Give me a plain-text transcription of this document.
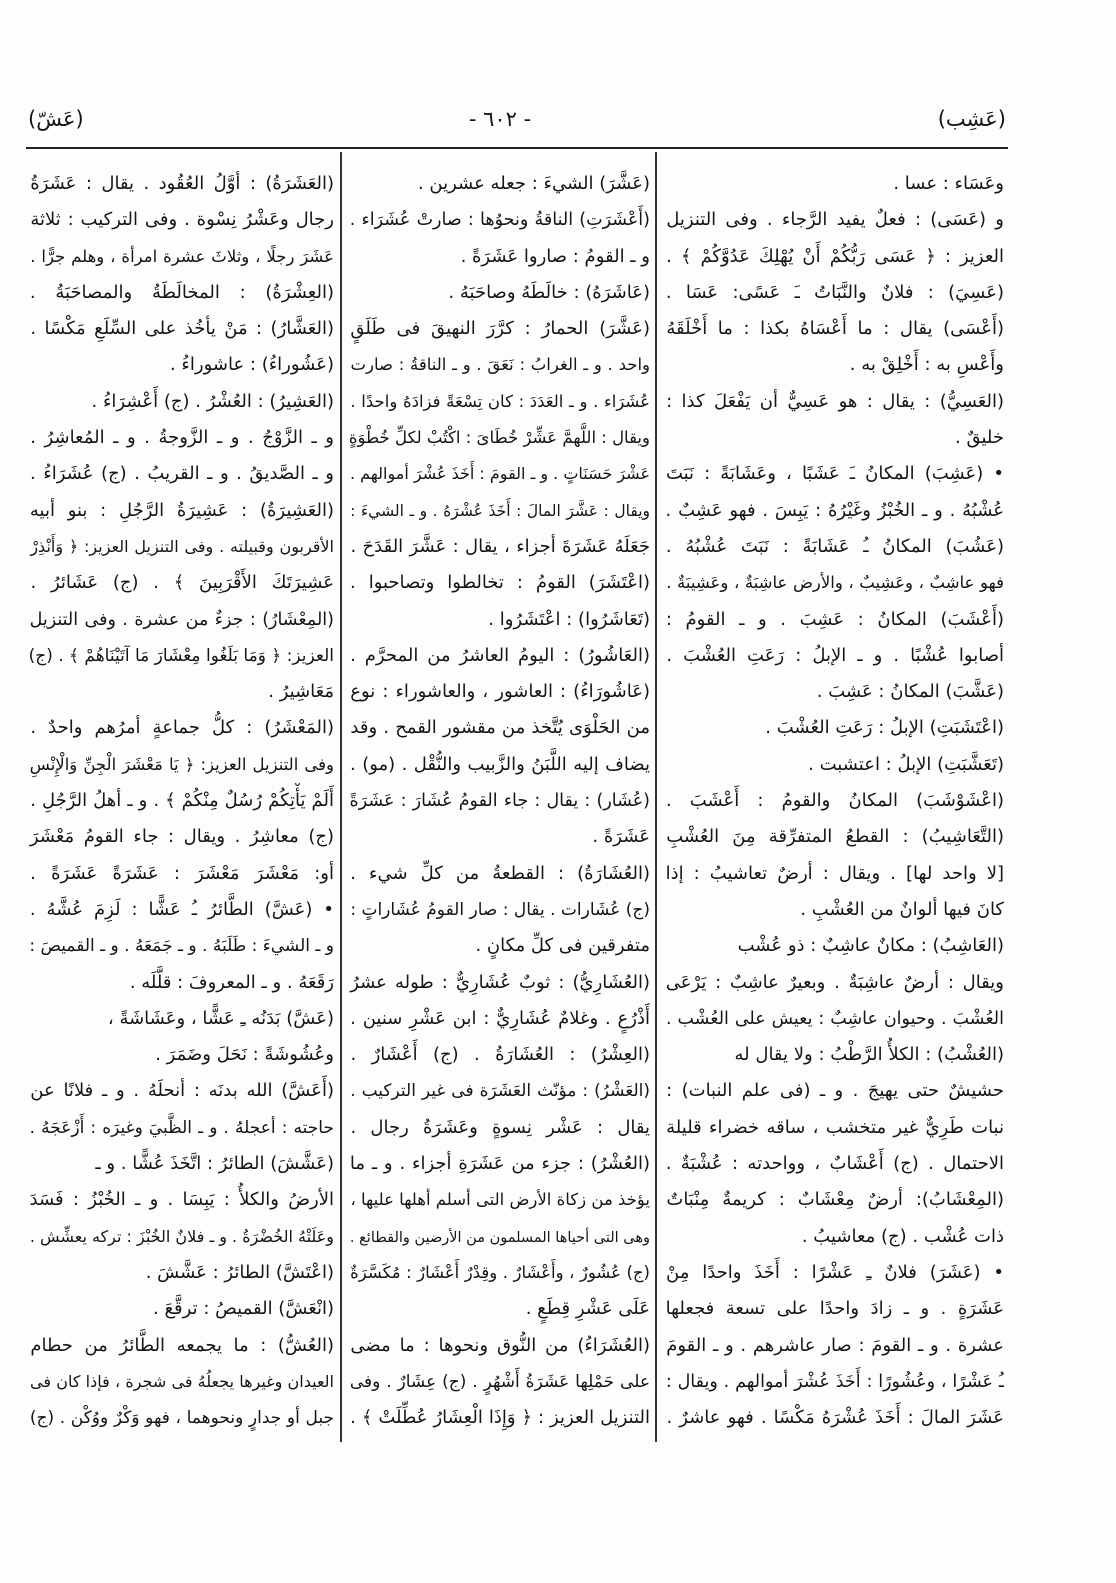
(عَشِب)
- ٦٠٢ -
(عَشّ)
وعَسَاء : عسا .
و (عَسَى) : فعلٌ يفيد الرَّجاء . وفى التنزيل
العزيز : ﴿ عَسَى رَبُّكُمْ أَنْ يُهْلِكَ عَدُوَّكُمْ ﴾ .
(عَسِيَ) : فلانٌ والنَّبَاتُ ـَ عَسًى: عَسَا .
(أَعْسَى) يقال : ما أَعْسَاهُ بكذا : ما أَخْلَقَهُ
وأَعْسِ به : أَخْلِقْ به .
(العَسِيُّ) : يقال : هو عَسِيٌّ أن يَفْعَلَ كذا :
خليقٌ .
• (عَشِبَ) المكانُ ـَ عَشَبًا ، وعَشَابَةً : نَبَتَ
عُشْبُهُ . و ـ الخُبْزُ وغَيْرُهُ : يَبِسَ . فهو عَشِبٌ .
(عَشُبَ) المكانُ ـُ عَشَابَةً : نَبَتَ عُشْبُهُ .
فهو عاشِبٌ ، وعَشِيبٌ ، والأرض عاشِبَةٌ ، وعَشِيبَةٌ .
(أَعْشَبَ) المكانُ : عَشِبَ . و ـ القومُ :
أصابوا عُشْبًا . و ـ الإبلُ : رَعَتِ العُشْبَ .
(عَشَّبَ) المكانُ : عَشِبَ .
(اعْتَشَبَتِ) الإبلُ : رَعَتِ العُشْبَ .
(تَعَشَّبَتِ) الإبلُ : اعتشبت .
(اعْشَوْشَبَ) المكانُ والقومُ : أَعْشَبَ .
(التَّعَاشِيبُ) : القطعُ المتفرِّقة مِنَ العُشْبِ
[لا واحد لها] . ويقال : أرضٌ تعاشيبُ : إذا
كانَ فيها ألوانٌ من العُشْبِ .
(العَاشِبُ) : مكانٌ عاشِبٌ : ذو عُشْب
ويقال : أرضٌ عاشِبَةٌ . وبعيرٌ عاشِبٌ : يَرْعَى
العُشْبَ . وحيوان عاشِبٌ : يعيش على العُشْب .
(العُشْبُ) : الكلأُ الرَّطْبُ : ولا يقال له
حشيشٌ حتى يهيجَ . و ـ (فى علم النبات) :
نبات طَرِيٌّ غير متخشب ، ساقه خضراء قليلة
الاحتمال . (ج) أَعْشَابٌ ، وواحدته : عُشْبَةٌ .
(المِعْشَابُ): أرضٌ مِعْشَابٌ : كريمةٌ مِنْبَاتٌ
ذات عُشْب . (ج) معاشيبُ .
• (عَشَرَ) فلانٌ ـِ عَشْرًا : أَخَذَ واحدًا مِنْ
عَشَرَةٍ . و ـ زادَ واحدًا على تسعة فجعلها
عشرة . و ـ القومَ : صار عاشرهم . و ـ القومَ
ـُ عَشْرًا ، وعُشُورًا : أَخَذَ عُشْرَ أموالهم . ويقال :
عَشَرَ المالَ : أَخَذَ عُشْرَهُ مَكْسًا . فهو عاشرٌ .
(عَشَّرَ) الشيءَ : جعله عشرين .
(أَعْشَرَتِ) الناقةُ ونحوُها : صارتْ عُشَرَاء .
و ـ القومُ : صاروا عَشَرَةً .
(عَاشَرَهُ) : خالَطَهُ وصاحَبَهُ .
(عَشَّرَ) الحمارُ : كرَّرَ النهيقَ فى طَلَقٍ
واحد . و ـ الغرابُ : نَعَقَ . و ـ الناقةُ : صارت
عُشَرَاء . و ـ العَدَدَ : كان تِسْعَةً فزادَهُ واحدًا .
ويقال : اللَّهمَّ عَشِّرْ خُطَاىَ : اكْتُبْ لكلِّ خُطْوَةٍ
عَشْرَ حَسَنَاتٍ . و ـ القومَ : أَخَذَ عُشْرَ أموالهم .
ويقال : عَشَّرَ المالَ : أَخَذَ عُشْرَهُ . و ـ الشيءَ :
جَعَلَهُ عَشَرَةَ أجزاء ، يقال : عَشَّرَ القَدَحَ .
(اعْتَشَرَ) القومُ : تخالطوا وتصاحبوا .
(تَعَاشَرُوا) : اعْتَشَرُوا .
(العَاشُورُ) : اليومُ العاشرُ من المحرَّم .
(عَاشُورَاءُ) : العاشور ، والعاشوراء : نوع
من الحَلْوَى يُتَّخذ من مقشور القمح . وقد
يضاف إليه اللَّبَنُ والزَّبيب والنُّقْل . (مو) .
(عُشَار) : يقال : جاء القومُ عُشَارَ : عَشَرَةً
عَشَرَةً .
(العُشَارَةُ) : القطعةُ من كلِّ شيء .
(ج) عُشَارات . يقال : صار القومُ عُشَاراتٍ :
متفرقين فى كلِّ مكانٍ .
(العُشَارِيُّ) : ثوبٌ عُشَارِيٌّ : طوله عشرُ
أَذْرُعٍ . وغلامٌ عُشَارِيٌّ : ابن عَشْرِ سنين .
(العِشْرُ) : العُشَارَةُ . (ج) أَعْشَارٌ .
(العَشْرُ) : مؤنّث العَشَرَة فى غير التركيب .
يقال : عَشْر نِسوةٍ وعَشَرَةُ رجال .
(العُشْرُ) : جزء من عَشَرَةِ أجزاء . و ـ ما
يؤخذ من زكاة الأرض التى أسلم أهلها عليها ،
وهى التى أحياها المسلمون من الأرضين والقطائع .
(ج) عُشُورٌ ، وأَعْشَارٌ . وقِدْرٌ أَعْشَارٌ : مُكَسَّرَةٌ
عَلَى عَشْرِ قِطَعٍ .
(العُشَرَاءُ) من النُّوق ونحوها : ما مضى
على حَمْلِها عَشَرَةُ أَشْهُرٍ . (ج) عِشَارٌ . وفى
التنزيل العزيز : ﴿ وَإِذَا الْعِشَارُ عُطِّلَتْ ﴾ .
(العَشَرَةُ) : أوَّلُ العُقُود . يقال : عَشَرَةُ
رجال وعَشْرُ نِسْوة . وفى التركيب : ثلاثة
عَشَرَ رجلًا ، وثلاثَ عشرة امرأة ، وهلم جرًّا .
(العِشْرَةُ) : المخالَطَةُ والمصاحَبَةُ .
(العَشَّارُ) : مَنْ يأخُذ على السِّلَعِ مَكْسًا .
(عَشُوراءُ) : عاشوراءُ .
(العَشِيرُ) : العُشْرُ . (ج) أَعْشِرَاءُ .
و ـ الزَّوْجُ . و ـ الزَّوجةُ . و ـ المُعاشِرُ .
و ـ الصَّديقُ . و ـ القريبُ . (ج) عُشَرَاءُ .
(العَشِيرَةُ) : عَشِيرَةُ الرَّجُلِ : بنو أبيه
الأقربون وقبيلته . وفى التنزيل العزيز: ﴿ وَأَنْذِرْ
عَشِيرَتَكَ الأَقْرَبِينَ ﴾ . (ج) عَشَائرُ .
(المِعْشَارُ) : جزءٌ من عشرة . وفى التنزيل
العزيز: ﴿ وَمَا بَلَغُوا مِعْشَارَ مَا آتَيْنَاهُمْ ﴾ . (ج)
مَعَاشِيرُ .
(المَعْشَرُ) : كلُّ جماعةٍ أمرُهم واحدٌ .
وفى التنزيل العزيز: ﴿ يَا مَعْشَرَ الْجِنِّ وَالْإِنْسِ
أَلَمْ يَأْتِكُمْ رُسُلٌ مِنْكُمْ ﴾ . و ـ أهلُ الرَّجُلِ .
(ج) معاشِرُ . ويقال : جاء القومُ مَعْشَرَ
أو: مَعْشَرَ مَعْشَرَ : عَشَرَةً عَشَرَةً .
• (عَشَّ) الطَّائرُ ـُ عَشًّا : لَزِمَ عُشَّهُ .
و ـ الشيءَ : طَلَبَهُ . و ـ جَمَعَهُ . و ـ القميصَ :
رَقَعَهُ . و ـ المعروفَ : قلَّلَه .
(عَشَّ) بَدَنُه ـِ عَشًّا ، وعَشَاشَةً ،
وعُشُوشَةً : نَحَلَ وضَمَرَ .
(أَعَشَّ) الله بدنَه : أنحلَهُ . و ـ فلانًا عن
حاجته : أعجلهُ . و ـ الظَّبيَ وغيرَه : أَزْعَجَهُ .
(عَشَّشَ) الطائرُ : اتَّخَذَ عُشًّا . و ـ
الأرضُ والكلأُ : يَبِسَا . و ـ الخُبْزُ : فَسَدَ
وعَلَتْهُ الخُضْرَةُ . و ـ فلانٌ الخُبْزَ : تركه يعشِّش .
(اعْتَشَّ) الطائرُ : عَشَّشَ .
(انْعَشَّ) القميصُ : ترقَّعَ .
(العُشُّ) : ما يجمعه الطَّائرُ من حطام
العيدان وغيرها يجعلُهُ فى شجرة ، فإذا كان فى
جبل أو جدارٍ ونحوهما ، فهو وَكْرٌ ووُكْن . (ج)
